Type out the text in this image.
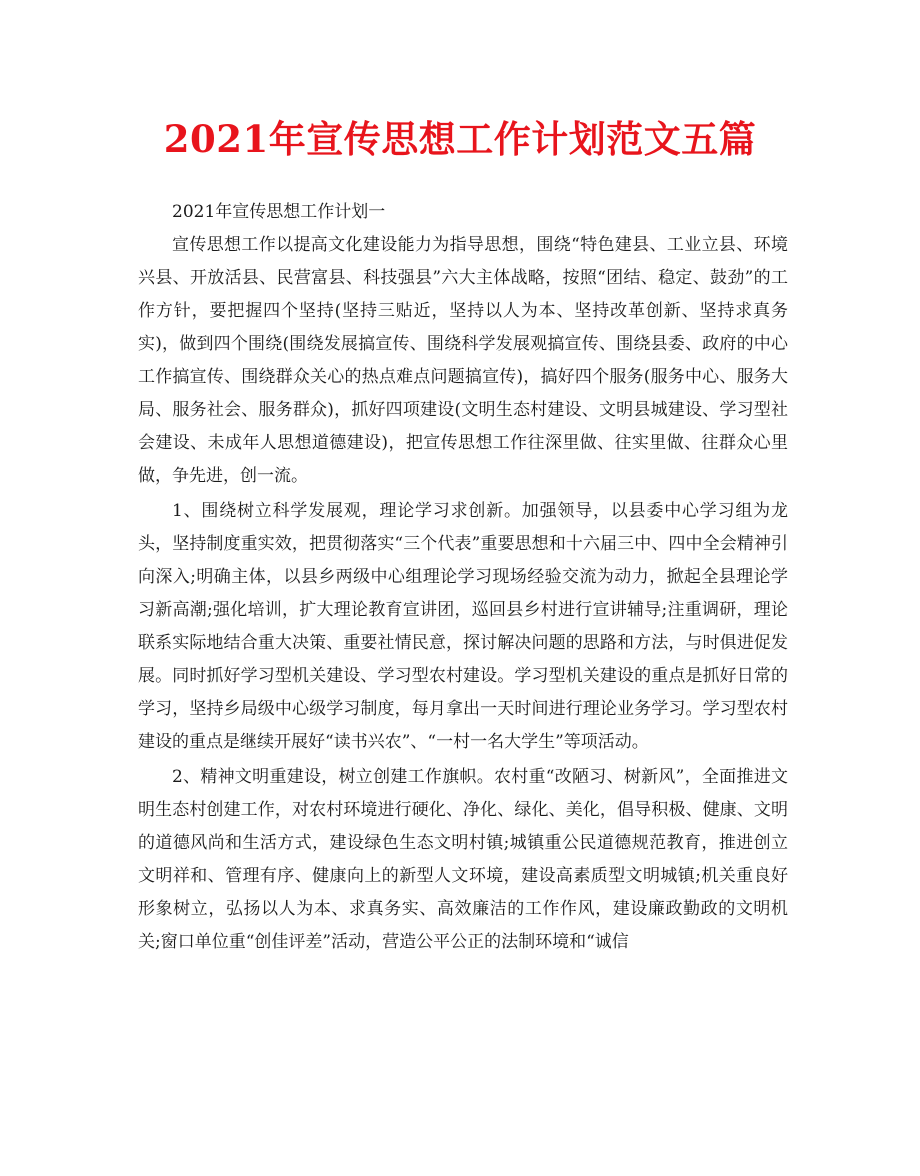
2021年宣传思想工作计划范文五篇

2021年宣传思想工作计划一

宣传思想工作以提高文化建设能力为指导思想，围绕“特色建县、工业立县、环境兴县、开放活县、民营富县、科技强县”六大主体战略，按照“团结、稳定、鼓劲”的工作方针，要把握四个坚持(坚持三贴近，坚持以人为本、坚持改革创新、坚持求真务实)，做到四个围绕(围绕发展搞宣传、围绕科学发展观搞宣传、围绕县委、政府的中心工作搞宣传、围绕群众关心的热点难点问题搞宣传)，搞好四个服务(服务中心、服务大局、服务社会、服务群众)，抓好四项建设(文明生态村建设、文明县城建设、学习型社会建设、未成年人思想道德建设)，把宣传思想工作往深里做、往实里做、往群众心里做，争先进，创一流。

1、围绕树立科学发展观，理论学习求创新。加强领导，以县委中心学习组为龙头，坚持制度重实效，把贯彻落实“三个代表”重要思想和十六届三中、四中全会精神引向深入;明确主体，以县乡两级中心组理论学习现场经验交流为动力，掀起全县理论学习新高潮;强化培训，扩大理论教育宣讲团，巡回县乡村进行宣讲辅导;注重调研，理论联系实际地结合重大决策、重要社情民意，探讨解决问题的思路和方法，与时俱进促发展。同时抓好学习型机关建设、学习型农村建设。学习型机关建设的重点是抓好日常的学习，坚持乡局级中心级学习制度，每月拿出一天时间进行理论业务学习。学习型农村建设的重点是继续开展好“读书兴农”、“一村一名大学生”等项活动。

2、精神文明重建设，树立创建工作旗帜。农村重“改陋习、树新风”，全面推进文明生态村创建工作，对农村环境进行硬化、净化、绿化、美化，倡导积极、健康、文明的道德风尚和生活方式，建设绿色生态文明村镇;城镇重公民道德规范教育，推进创立文明祥和、管理有序、健康向上的新型人文环境，建设高素质型文明城镇;机关重良好形象树立，弘扬以人为本、求真务实、高效廉洁的工作作风，建设廉政勤政的文明机关;窗口单位重“创佳评差”活动，营造公平公正的法制环境和“诚信
